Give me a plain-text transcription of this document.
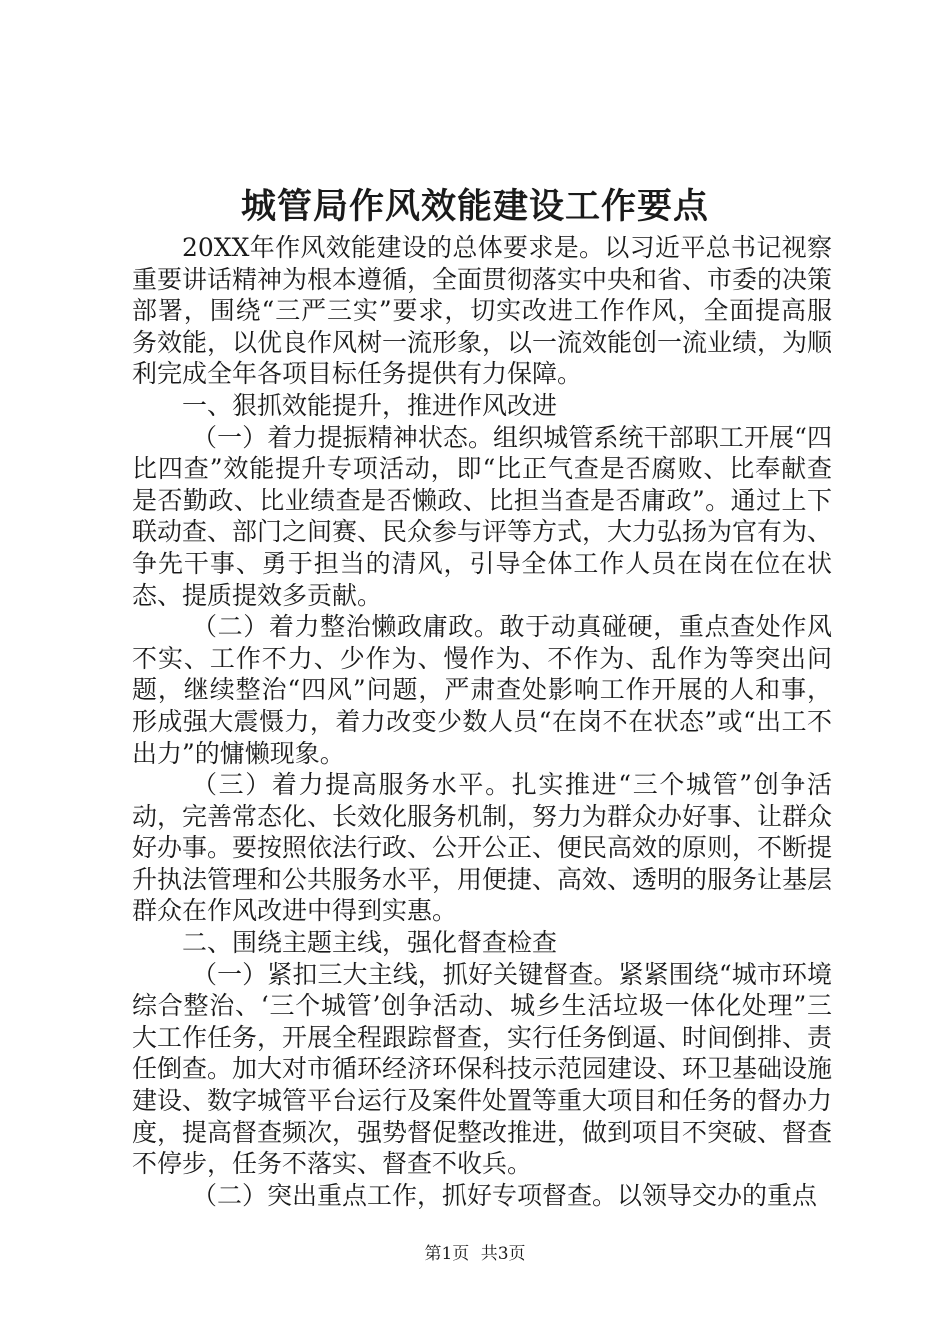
城管局作风效能建设工作要点

20XX年作风效能建设的总体要求是。以习近平总书记视察重要讲话精神为根本遵循，全面贯彻落实中央和省、市委的决策部署，围绕“三严三实”要求，切实改进工作作风，全面提高服务效能，以优良作风树一流形象，以一流效能创一流业绩，为顺利完成全年各项目标任务提供有力保障。

一、狠抓效能提升，推进作风改进

（一）着力提振精神状态。组织城管系统干部职工开展“四比四查”效能提升专项活动，即“比正气查是否腐败、比奉献查是否勤政、比业绩查是否懒政、比担当查是否庸政”。通过上下联动查、部门之间赛、民众参与评等方式，大力弘扬为官有为、争先干事、勇于担当的清风，引导全体工作人员在岗在位在状态、提质提效多贡献。

（二）着力整治懒政庸政。敢于动真碰硬，重点查处作风不实、工作不力、少作为、慢作为、不作为、乱作为等突出问题，继续整治“四风”问题，严肃查处影响工作开展的人和事，形成强大震慑力，着力改变少数人员“在岗不在状态”或“出工不出力”的慵懒现象。

（三）着力提高服务水平。扎实推进“三个城管”创争活动，完善常态化、长效化服务机制，努力为群众办好事、让群众好办事。要按照依法行政、公开公正、便民高效的原则，不断提升执法管理和公共服务水平，用便捷、高效、透明的服务让基层群众在作风改进中得到实惠。

二、围绕主题主线，强化督查检查

（一）紧扣三大主线，抓好关键督查。紧紧围绕“城市环境综合整治、‘三个城管’创争活动、城乡生活垃圾一体化处理”三大工作任务，开展全程跟踪督查，实行任务倒逼、时间倒排、责任倒查。加大对市循环经济环保科技示范园建设、环卫基础设施建设、数字城管平台运行及案件处置等重大项目和任务的督办力度，提高督查频次，强势督促整改推进，做到项目不突破、督查不停步，任务不落实、督查不收兵。

（二）突出重点工作，抓好专项督查。以领导交办的重点

第1页 共3页
